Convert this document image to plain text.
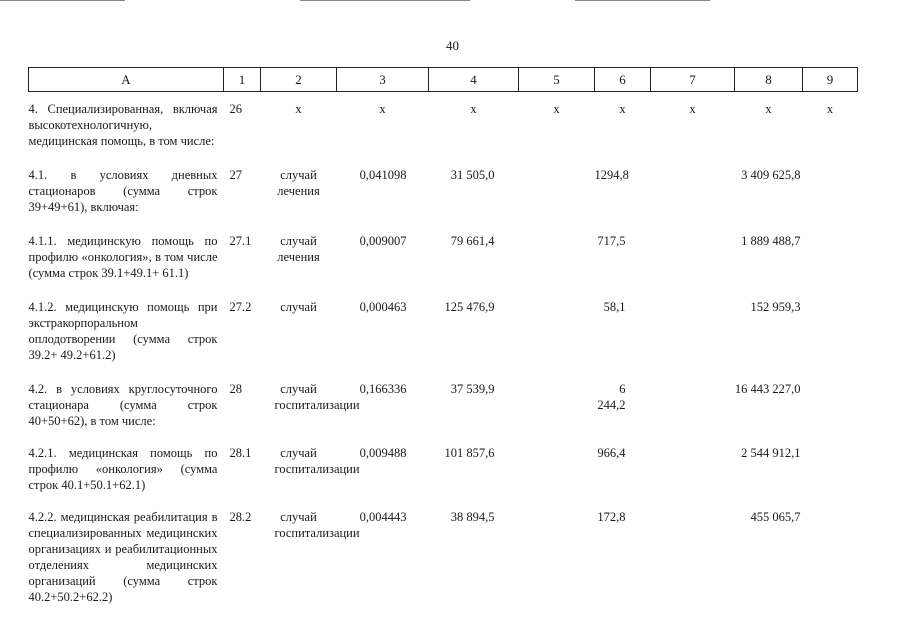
40
А	1	2	3	4	5	6	7	8	9
4. Специализированная, включая высокотехнологичную, медицинская помощь, в том числе:	26	х	х	х	х	х	х	х	х
4.1. в условиях дневных стационаров (сумма строк 39+49+61), включая:	27	случай лечения	0,041098	31 505,0		1294,8		3 409 625,8	
4.1.1. медицинскую помощь по профилю «онкология», в том числе (сумма строк 39.1+49.1+ 61.1)	27.1	случай лечения	0,009007	79 661,4		717,5		1 889 488,7	
4.1.2. медицинскую помощь при экстракорпоральном оплодотворении (сумма строк 39.2+ 49.2+61.2)	27.2	случай	0,000463	125 476,9		58,1		152 959,3	
4.2. в условиях круглосуточного стационара (сумма строк 40+50+62), в том числе:	28	случай госпитализации	0,166336	37 539,9		6 244,2		16 443 227,0	
4.2.1. медицинская помощь по профилю «онкология» (сумма строк 40.1+50.1+62.1)	28.1	случай госпитализации	0,009488	101 857,6		966,4		2 544 912,1	
4.2.2. медицинская реабилитация в специализированных медицинских организациях и реабилитационных отделениях медицинских организаций (сумма строк 40.2+50.2+62.2)	28.2	случай госпитализации	0,004443	38 894,5		172,8		455 065,7	
